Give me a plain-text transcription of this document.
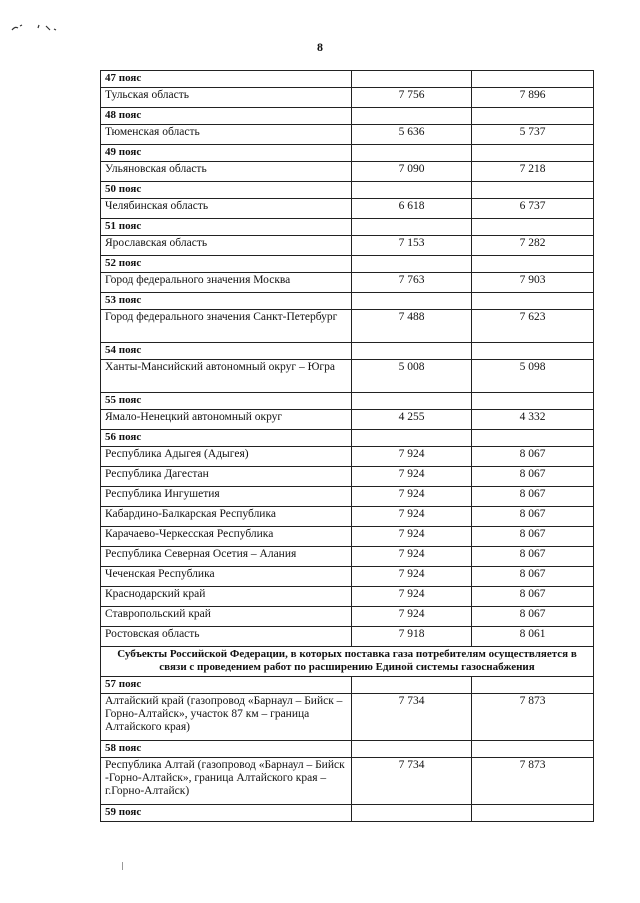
8
47 пояс		
Тульская область	7 756	7 896
48 пояс		
Тюменская область	5 636	5 737
49 пояс		
Ульяновская область	7 090	7 218
50 пояс		
Челябинская область	6 618	6 737
51 пояс		
Ярославская область	7 153	7 282
52 пояс		
Город федерального значения Москва	7 763	7 903
53 пояс		
Город федерального значения Санкт-Петербург	7 488	7 623
54 пояс		
Ханты-Мансийский автономный округ – Югра	5 008	5 098
55 пояс		
Ямало-Ненецкий автономный округ	4 255	4 332
56 пояс		
Республика Адыгея (Адыгея)	7 924	8 067
Республика Дагестан	7 924	8 067
Республика Ингушетия	7 924	8 067
Кабардино-Балкарская Республика	7 924	8 067
Карачаево-Черкесская Республика	7 924	8 067
Республика Северная Осетия – Алания	7 924	8 067
Чеченская Республика	7 924	8 067
Краснодарский край	7 924	8 067
Ставропольский край	7 924	8 067
Ростовская область	7 918	8 061
Субъекты Российской Федерации, в которых поставка газа потребителям осуществляется в связи с проведением работ по расширению Единой системы газоснабжения		
57 пояс		
Алтайский край (газопровод «Барнаул – Бийск – Горно-Алтайск», участок 87 км – граница Алтайского края)	7 734	7 873
58 пояс		
Республика Алтай (газопровод «Барнаул – Бийск -Горно-Алтайск», граница Алтайского края – г.Горно-Алтайск)	7 734	7 873
59 пояс		
